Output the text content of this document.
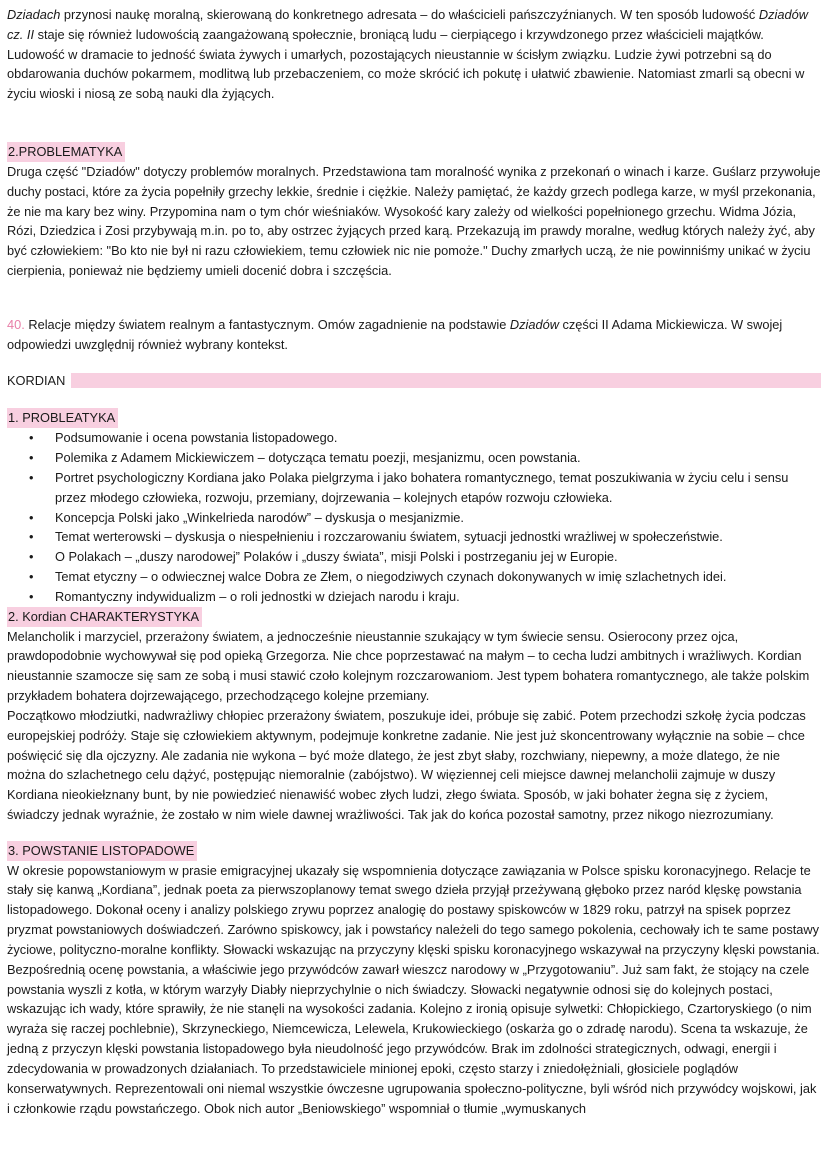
Dziadach przynosi naukę moralną, skierowaną do konkretnego adresata – do właścicieli pańszczyźnianych. W ten sposób ludowość Dziadów cz. II staje się również ludowością zaangażowaną społecznie, broniącą ludu – cierpiącego i krzywdzonego przez właścicieli majątków.

Ludowość w dramacie to jedność świata żywych i umarłych, pozostających nieustannie w ścisłym związku. Ludzie żywi potrzebni są do obdarowania duchów pokarmem, modlitwą lub przebaczeniem, co może skrócić ich pokutę i ułatwić zbawienie. Natomiast zmarli są obecni w życiu wioski i niosą ze sobą nauki dla żyjących.

2.PROBLEMATYKA

Druga część "Dziadów" dotyczy problemów moralnych. Przedstawiona tam moralność wynika z przekonań o winach i karze. Guślarz przywołuje duchy postaci, które za życia popełniły grzechy lekkie, średnie i ciężkie. Należy pamiętać, że każdy grzech podlega karze, w myśl przekonania, że nie ma kary bez winy. Przypomina nam o tym chór wieśniaków. Wysokość kary zależy od wielkości popełnionego grzechu. Widma Józia, Rózi, Dziedzica i Zosi przybywają m.in. po to, aby ostrzec żyjących przed karą. Przekazują im prawdy moralne, według których należy żyć, aby być człowiekiem: "Bo kto nie był ni razu człowiekiem, temu człowiek nic nie pomoże." Duchy zmarłych uczą, że nie powinniśmy unikać w życiu cierpienia, ponieważ nie będziemy umieli docenić dobra i szczęścia.

40. Relacje między światem realnym a fantastycznym. Omów zagadnienie na podstawie Dziadów części II Adama Mickiewicza. W swojej odpowiedzi uwzględnij również wybrany kontekst.

KORDIAN
1. PROBLEATYKA
•	Podsumowanie i ocena powstania listopadowego.
•	Polemika z Adamem Mickiewiczem – dotycząca tematu poezji, mesjanizmu, ocen powstania.
•	Portret psychologiczny Kordiana jako Polaka pielgrzyma i jako bohatera romantycznego, temat poszukiwania w życiu celu i sensu przez młodego człowieka, rozwoju, przemiany, dojrzewania – kolejnych etapów rozwoju człowieka.
•	Koncepcja Polski jako „Winkelrieda narodów” – dyskusja o mesjanizmie.
•	Temat werterowski – dyskusja o niespełnieniu i rozczarowaniu światem, sytuacji jednostki wrażliwej w społeczeństwie.
•	O Polakach – „duszy narodowej” Polaków i „duszy świata”, misji Polski i postrzeganiu jej w Europie.
•	Temat etyczny – o odwiecznej walce Dobra ze Złem, o niegodziwych czynach dokonywanych w imię szlachetnych idei.
•	Romantyczny indywidualizm – o roli jednostki w dziejach narodu i kraju.
2. Kordian CHARAKTERYSTYKA

Melancholik i marzyciel, przerażony światem, a jednocześnie nieustannie szukający w tym świecie sensu. Osierocony przez ojca, prawdopodobnie wychowywał się pod opieką Grzegorza. Nie chce poprzestawać na małym – to cecha ludzi ambitnych i wrażliwych. Kordian nieustannie szamocze się sam ze sobą i musi stawić czoło kolejnym rozczarowaniom. Jest typem bohatera romantycznego, ale także polskim przykładem bohatera dojrzewającego, przechodzącego kolejne przemiany.

Początkowo młodziutki, nadwrażliwy chłopiec przerażony światem, poszukuje idei, próbuje się zabić. Potem przechodzi szkołę życia podczas europejskiej podróży. Staje się człowiekiem aktywnym, podejmuje konkretne zadanie. Nie jest już skoncentrowany wyłącznie na sobie – chce poświęcić się dla ojczyzny. Ale zadania nie wykona – być może dlatego, że jest zbyt słaby, rozchwiany, niepewny, a może dlatego, że nie można do szlachetnego celu dążyć, postępując niemoralnie (zabójstwo). W więziennej celi miejsce dawnej melancholii zajmuje w duszy Kordiana nieokiełznany bunt, by nie powiedzieć nienawiść wobec złych ludzi, złego świata. Sposób, w jaki bohater żegna się z życiem, świadczy jednak wyraźnie, że zostało w nim wiele dawnej wrażliwości. Tak jak do końca pozostał samotny, przez nikogo niezrozumiany.

3. POWSTANIE LISTOPADOWE

W okresie popowstaniowym w prasie emigracyjnej ukazały się wspomnienia dotyczące zawiązania w Polsce spisku koronacyjnego. Relacje te stały się kanwą „Kordiana”, jednak poeta za pierwszoplanowy temat swego dzieła przyjął przeżywaną głęboko przez naród klęskę powstania listopadowego. Dokonał oceny i analizy polskiego zrywu poprzez analogię do postawy spiskowców w 1829 roku, patrzył na spisek poprzez pryzmat powstaniowych doświadczeń. Zarówno spiskowcy, jak i powstańcy należeli do tego samego pokolenia, cechowały ich te same postawy życiowe, polityczno-moralne konflikty. Słowacki wskazując na przyczyny klęski spisku koronacyjnego wskazywał na przyczyny klęski powstania.

Bezpośrednią ocenę powstania, a właściwie jego przywódców zawarł wieszcz narodowy w „Przygotowaniu”. Już sam fakt, że stojący na czele powstania wyszli z kotła, w którym warzyły Diabły nieprzychylnie o nich świadczy. Słowacki negatywnie odnosi się do kolejnych postaci, wskazując ich wady, które sprawiły, że nie stanęli na wysokości zadania. Kolejno z ironią opisuje sylwetki: Chłopickiego, Czartoryskiego (o nim wyraża się raczej pochlebnie), Skrzyneckiego, Niemcewicza, Lelewela, Krukowieckiego (oskarża go o zdradę narodu). Scena ta wskazuje, że jedną z przyczyn klęski powstania listopadowego była nieudolność jego przywódców. Brak im zdolności strategicznych, odwagi, energii i zdecydowania w prowadzonych działaniach. To przedstawiciele minionej epoki, często starzy i zniedołężniali, głosiciele poglądów konserwatywnych. Reprezentowali oni niemal wszystkie ówczesne ugrupowania społeczno-polityczne, byli wśród nich przywódcy wojskowi, jak i członkowie rządu powstańczego. Obok nich autor „Beniowskiego” wspomniał o tłumie „wymuskanych
